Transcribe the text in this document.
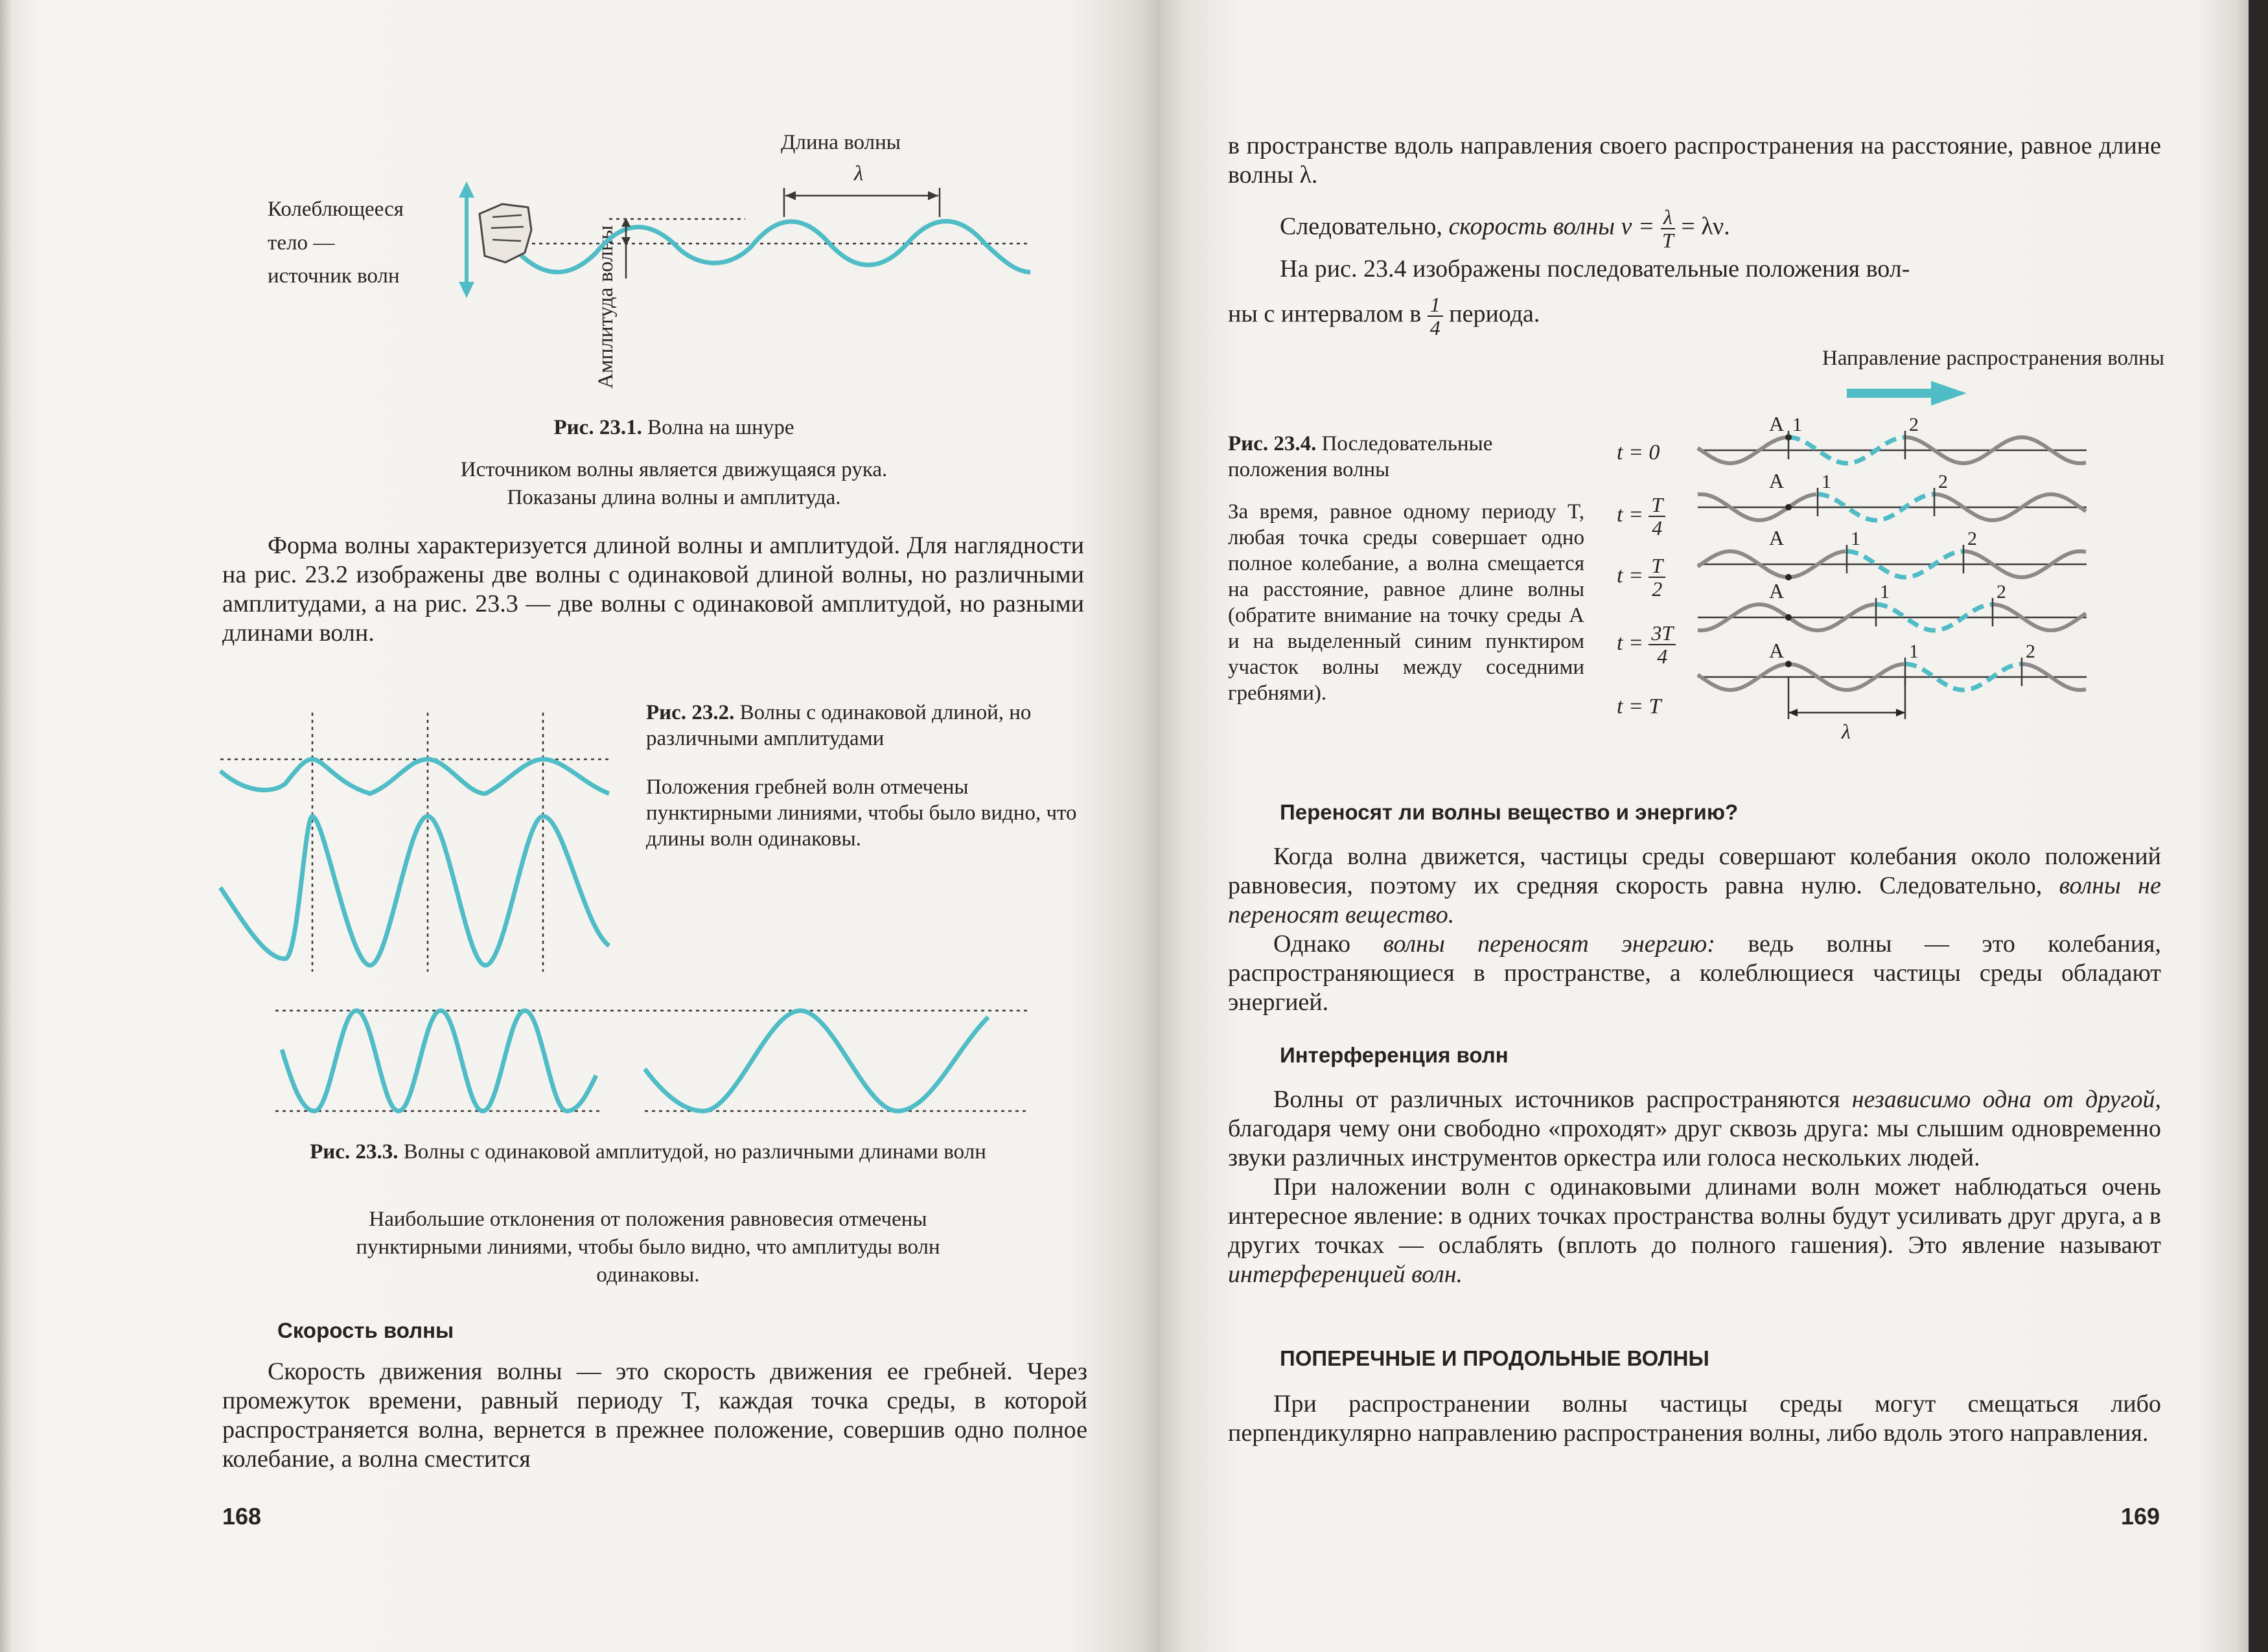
Длина волны
λ
Колеблющееся
тело —
источник волн	Амплитуда волны
Рис. 23.1. Волна на шнуре
Источником волны является движущаяся рука.
Показаны длина волны и амплитуда.

Форма волны характеризуется длиной волны и амплитудой. Для наглядности на рис. 23.2 изображены две волны с одинаковой длиной волны, но различными амплитудами, а на рис. 23.3 — две волны с одинаковой амплитудой, но разными длинами волн.

Рис. 23.2. Волны с одинаковой длиной, но различными амплитудами
Положения гребней волн отмечены пунктирными линиями, чтобы было видно, что длины волн одинаковы.
Рис. 23.3. Волны с одинаковой амплитудой, но различными длинами волн
Наибольшие отклонения от положения равновесия отмечены
пунктирными линиями, чтобы было видно, что амплитуды волн
одинаковы.
Скорость волны

Скорость движения волны — это скорость движения ее гребней. Через промежуток времени, равный периоду T, каждая точка среды, в которой распространяется волна, вернется в прежнее положение, совершив одно полное колебание, а волна сместится

168
в пространстве вдоль направления своего распространения на расстояние, равное длине волны λ.
Следовательно, скорость волны $v = \frac{\lambda}{T} = \lambda\nu$.
На рис. 23.4 изображены последовательные положения вол-
ны с интервалом в $\frac{1}{4}$ периода.
Направление распространения волны
Рис. 23.4. Последовательные положения волны
За время, равное одному периоду T, любая точка среды совершает одно полное колебание, а волна смещается на расстояние, равное длине волны (обратите внимание на точку среды A и на выделенный синим пунктиром участок волны между соседними гребнями).
t = 0
$t = \frac{T}{4}$
$t = \frac{T}{2}$
$t = \frac{3T}{4}$
t = T
A 1	2
A 1	2
A	1	2
A	1	2
A	1	2
λ
Переносят ли волны вещество и энергию?

Когда волна движется, частицы среды совершают колебания около положений равновесия, поэтому их средняя скорость равна нулю. Следовательно, волны не переносят вещество.

Однако волны переносят энергию: ведь волны — это колебания, распространяющиеся в пространстве, а колеблющиеся частицы среды обладают энергией.

Интерференция волн

Волны от различных источников распространяются независимо одна от другой, благодаря чему они свободно «проходят» друг сквозь друга: мы слышим одновременно звуки различных инструментов оркестра или голоса нескольких людей.

При наложении волн с одинаковыми длинами волн может наблюдаться очень интересное явление: в одних точках пространства волны будут усиливать друг друга, а в других точках — ослаблять (вплоть до полного гашения). Это явление называют интерференцией волн.

ПОПЕРЕЧНЫЕ И ПРОДОЛЬНЫЕ ВОЛНЫ

При распространении волны частицы среды могут смещаться либо перпендикулярно направлению распространения волны, либо вдоль этого направления.

169
